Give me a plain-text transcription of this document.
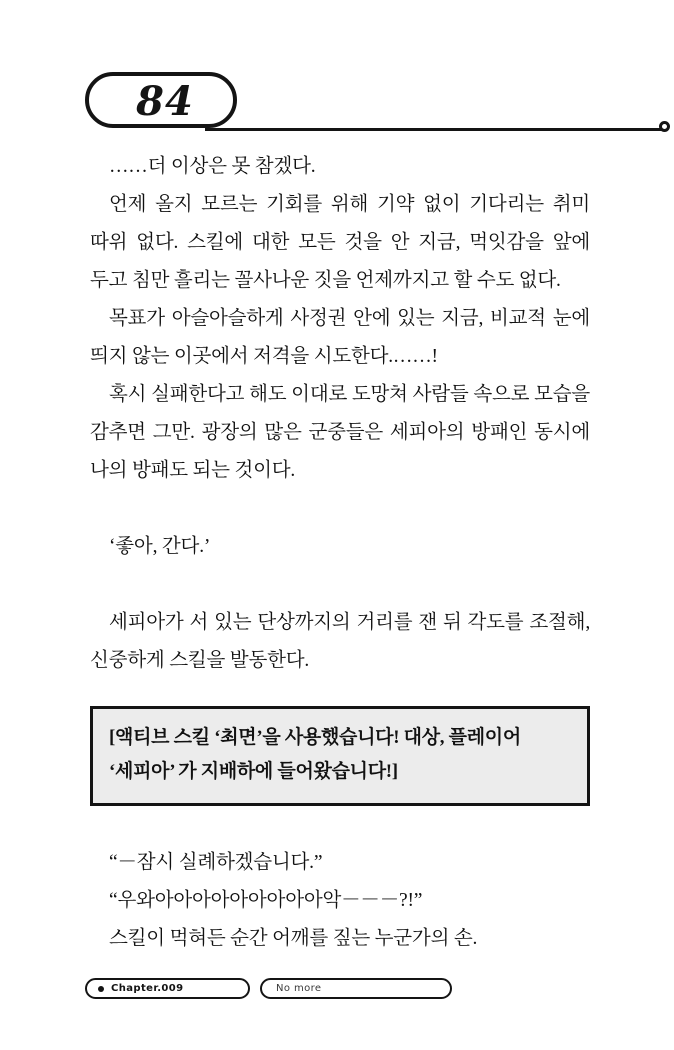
84

……더 이상은 못 참겠다.

언제 올지 모르는 기회를 위해 기약 없이 기다리는 취미 따위 없다. 스킬에 대한 모든 것을 안 지금, 먹잇감을 앞에 두고 침만 흘리는 꼴사나운 짓을 언제까지고 할 수도 없다.

목표가 아슬아슬하게 사정권 안에 있는 지금, 비교적 눈에 띄지 않는 이곳에서 저격을 시도한다.……!

혹시 실패한다고 해도 이대로 도망쳐 사람들 속으로 모습을 감추면 그만. 광장의 많은 군중들은 세피아의 방패인 동시에 나의 방패도 되는 것이다.

‘좋아, 간다.’

세피아가 서 있는 단상까지의 거리를 잰 뒤 각도를 조절해, 신중하게 스킬을 발동한다.

[액티브 스킬 ‘최면’을 사용했습니다! 대상, 플레이어 ‘세피아’ 가 지배하에 들어왔습니다!]

“－잠시 실례하겠습니다.”

“우와아아아아아아아아아악－－－?!”

스킬이 먹혀든 순간 어깨를 짚는 누군가의 손.

Chapter.009	No more
